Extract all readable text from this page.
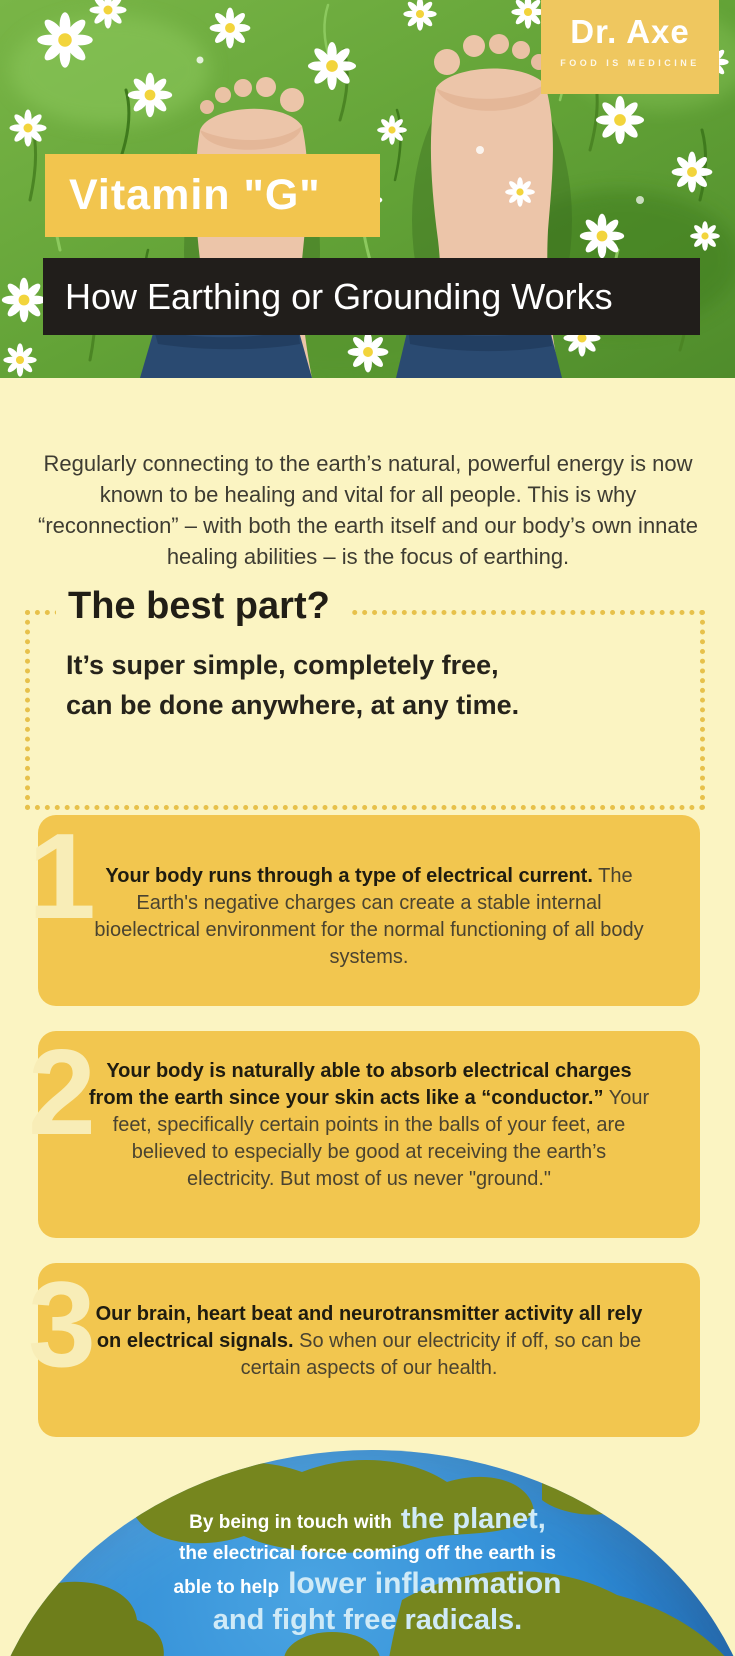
Dr. Axe
FOOD IS MEDICINE
Vitamin "G"
How Earthing or Grounding Works

Regularly connecting to the earth’s natural, powerful energy is now known to be healing and vital for all people. This is why “reconnection” – with both the earth itself and our body’s own innate healing abilities – is the focus of earthing.

The best part?
It’s super simple, completely free,
can be done anywhere, at any time.
1 Your body runs through a type of electrical current. The Earth's negative charges can create a stable internal bioelectrical environment for the normal functioning of all body systems.

2 Your body is naturally able to absorb electrical charges from the earth since your skin acts like a “conductor.” Your feet, specifically certain points in the balls of your feet, are believed to especially be good at receiving the earth’s electricity. But most of us never "ground."

3 Our brain, heart beat and neurotransmitter activity all rely on electrical signals. So when our electricity if off, so can be certain aspects of our health.

By being in touch with the planet,
the electrical force coming off the earth is
able to help lower inflammation
and fight free radicals.
